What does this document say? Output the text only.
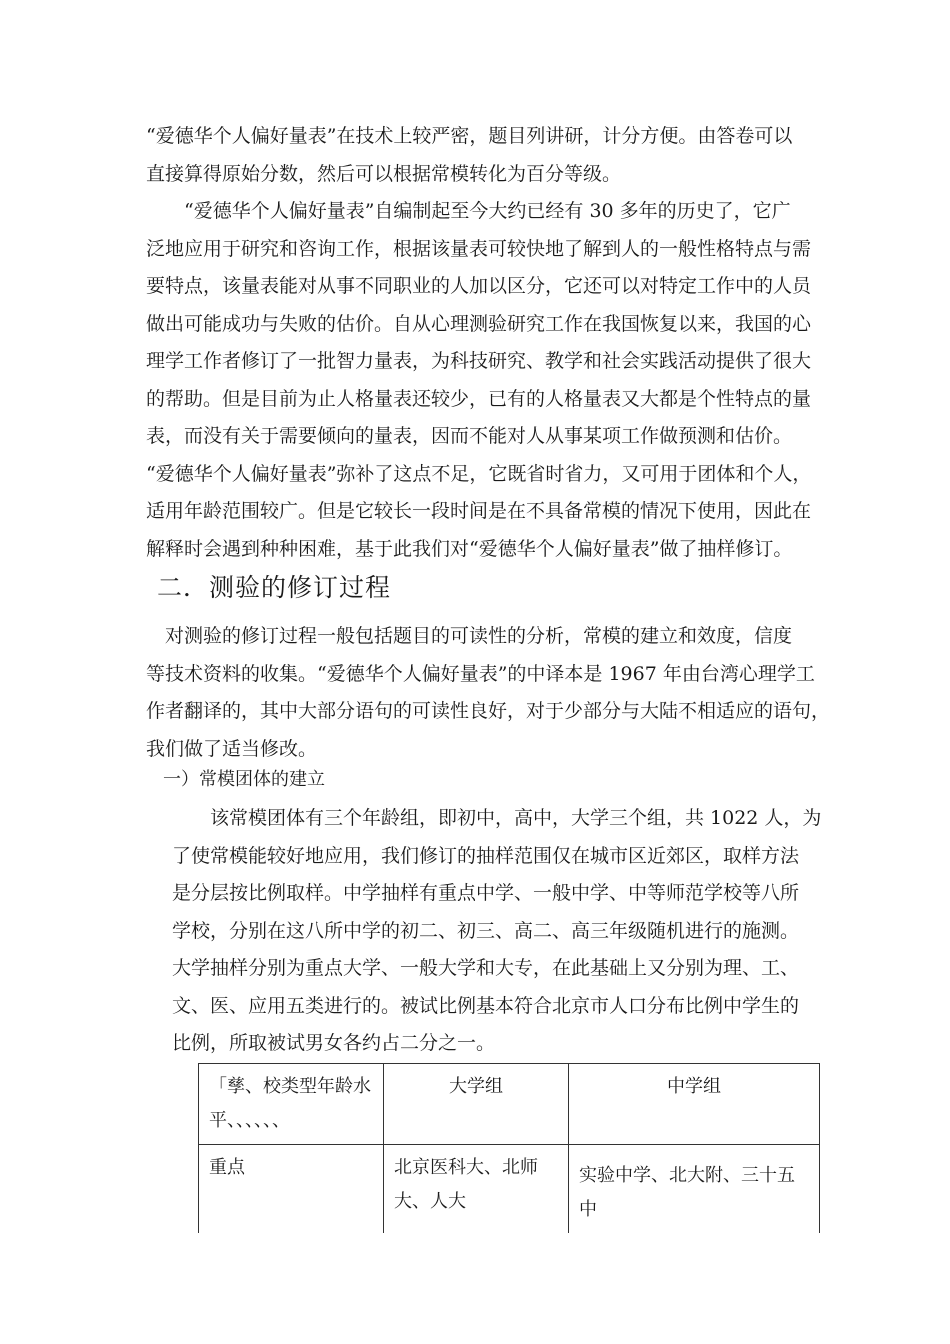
“爱德华个人偏好量表”在技术上较严密，题目列讲研，计分方便。由答卷可以
直接算得原始分数，然后可以根据常模转化为百分等级。
　　“爱德华个人偏好量表”自编制起至今大约已经有 30 多年的历史了，它广
泛地应用于研究和咨询工作，根据该量表可较快地了解到人的一般性格特点与需
要特点，该量表能对从事不同职业的人加以区分，它还可以对特定工作中的人员
做出可能成功与失败的估价。自从心理测验研究工作在我国恢复以来，我国的心
理学工作者修订了一批智力量表，为科技研究、教学和社会实践活动提供了很大
的帮助。但是目前为止人格量表还较少，已有的人格量表又大都是个性特点的量
表，而没有关于需要倾向的量表，因而不能对人从事某项工作做预测和估价。
“爱德华个人偏好量表”弥补了这点不足，它既省时省力，又可用于团体和个人，
适用年龄范围较广。但是它较长一段时间是在不具备常模的情况下使用，因此在
解释时会遇到种种困难，基于此我们对“爱德华个人偏好量表”做了抽样修订。
二．测验的修订过程
　对测验的修订过程一般包括题目的可读性的分析，常模的建立和效度，信度
等技术资料的收集。“爱德华个人偏好量表”的中译本是 1967 年由台湾心理学工
作者翻译的，其中大部分语句的可读性良好，对于少部分与大陆不相适应的语句，
我们做了适当修改。
一）常模团体的建立
　　该常模团体有三个年龄组，即初中，高中，大学三个组，共 1022 人，为
了使常模能较好地应用，我们修订的抽样范围仅在城市区近郊区，取样方法
是分层按比例取样。中学抽样有重点中学、一般中学、中等师范学校等八所
学校，分别在这八所中学的初二、初三、高二、高三年级随机进行的施测。
大学抽样分别为重点大学、一般大学和大专，在此基础上又分别为理、工、
文、医、应用五类进行的。被试比例基本符合北京市人口分布比例中学生的
比例，所取被试男女各约占二分之一。
「孳、校类型年龄水平、、、、、、	大学组	中学组
重点	北京医科大、北师大、人大	实验中学、北大附、三十五中
